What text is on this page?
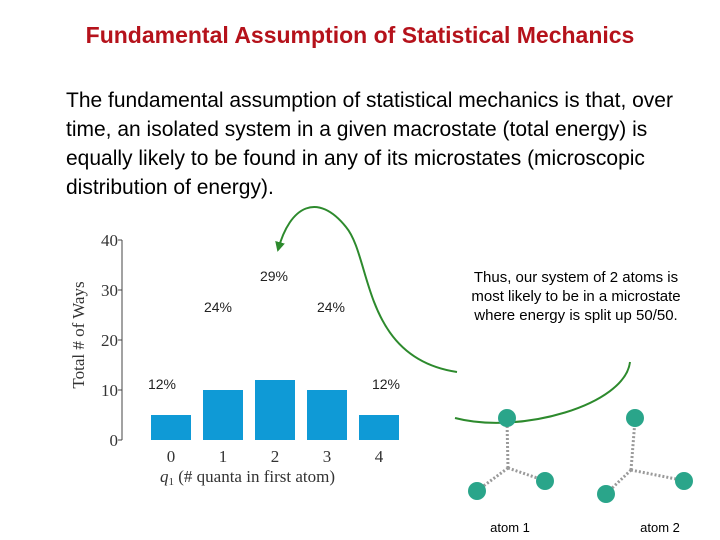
Fundamental Assumption of Statistical Mechanics
The fundamental assumption of statistical mechanics is that, over time, an isolated system in a given macrostate (total energy) is equally likely to be found in any of its microstates (microscopic distribution of energy).
Thus, our system of 2 atoms is most likely to be in a microstate where energy is split up 50/50.
0
10
20
30
40
12%
24%
29%
24%
12%
0	1	2	3	4
q1 (# quanta in first atom)
Total # of Ways
atom 1	atom 2
